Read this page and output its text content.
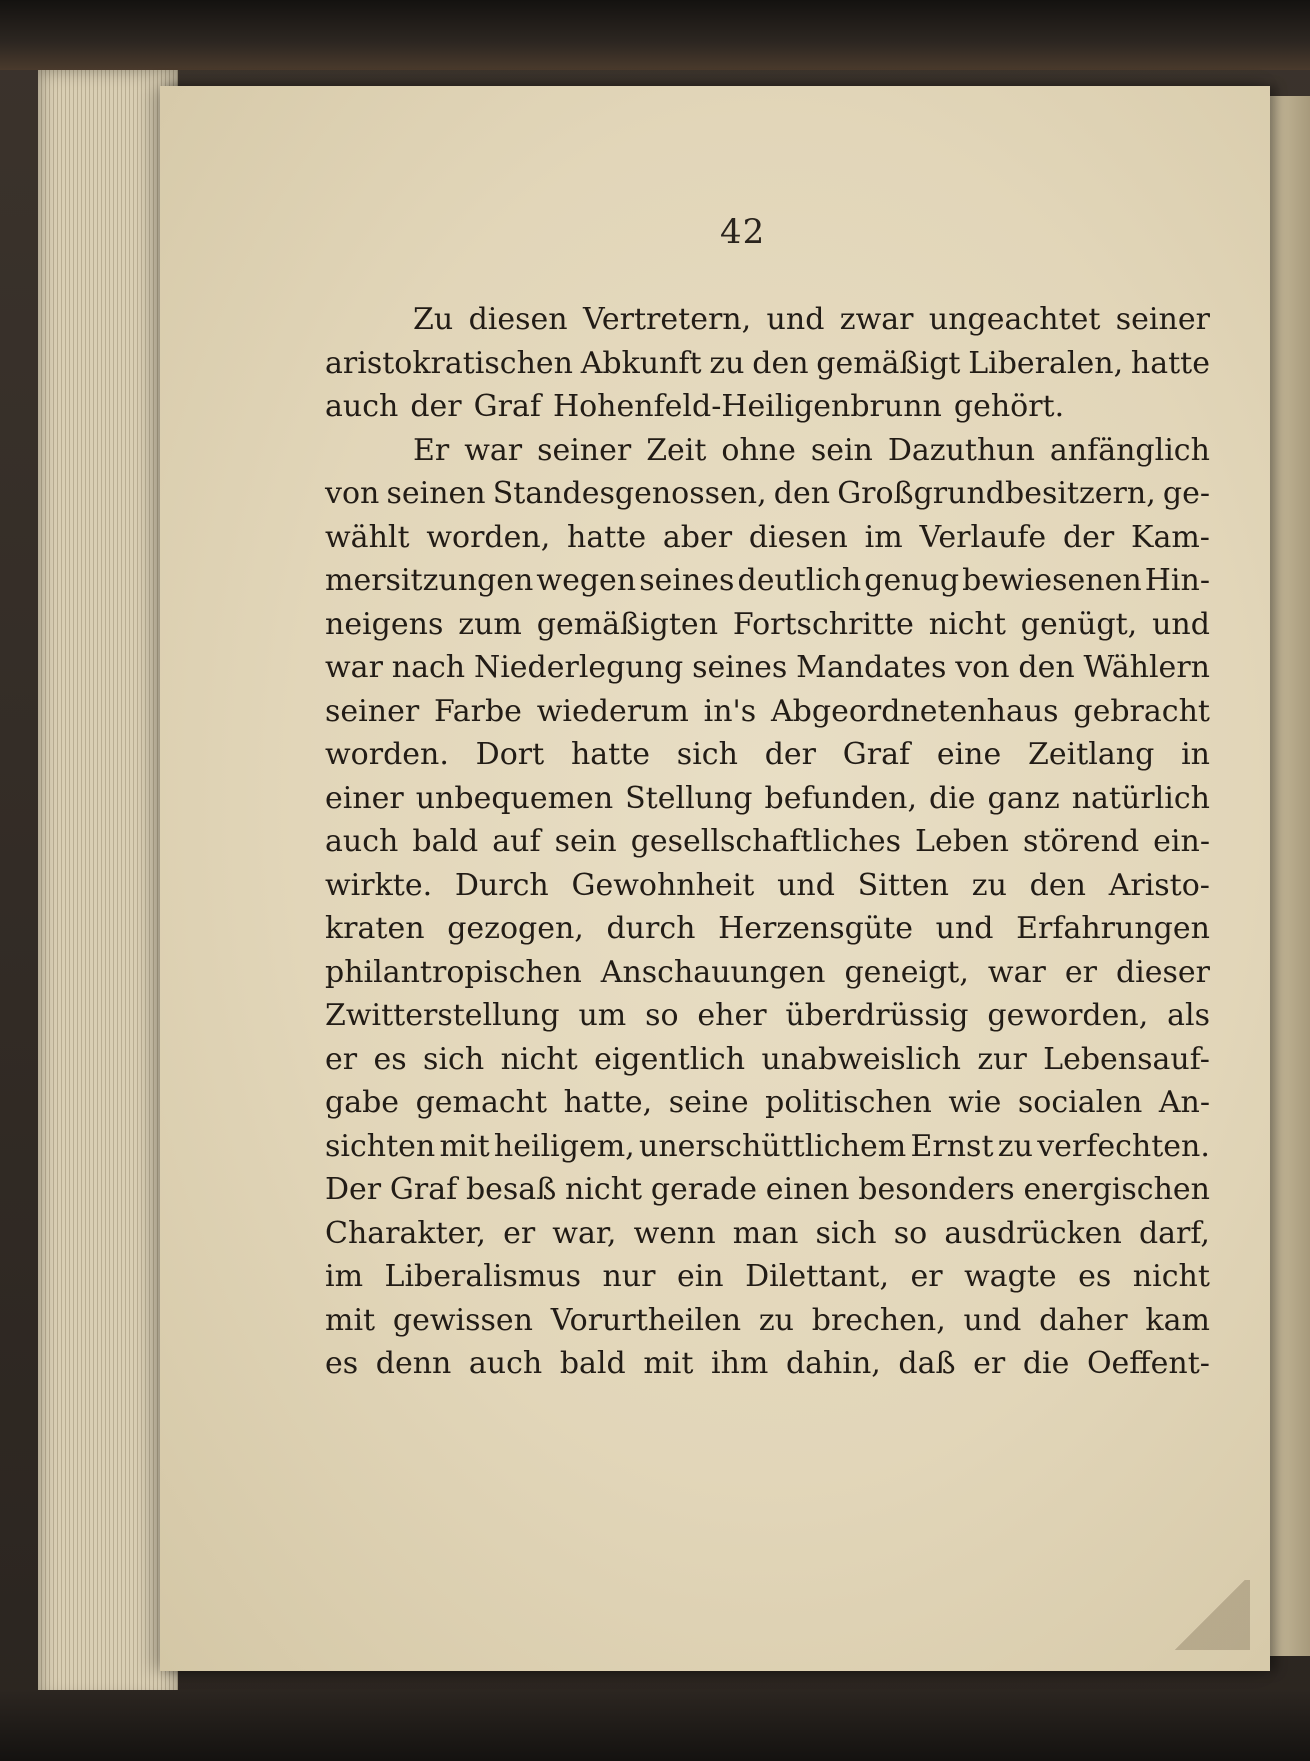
42
Zu diesen Vertretern, und zwar ungeachtet seiner
aristokratischen Abkunft zu den gemäßigt Liberalen, hatte
auch der Graf Hohenfeld-Heiligenbrunn gehört.
Er war seiner Zeit ohne sein Dazuthun anfänglich
von seinen Standesgenossen, den Großgrundbesitzern, ge-
wählt worden, hatte aber diesen im Verlaufe der Kam-
mersitzungen wegen seines deutlich genug bewiesenen Hin-
neigens zum gemäßigten Fortschritte nicht genügt, und
war nach Niederlegung seines Mandates von den Wählern
seiner Farbe wiederum in's Abgeordnetenhaus gebracht
worden. Dort hatte sich der Graf eine Zeitlang in
einer unbequemen Stellung befunden, die ganz natürlich
auch bald auf sein gesellschaftliches Leben störend ein-
wirkte. Durch Gewohnheit und Sitten zu den Aristo-
kraten gezogen, durch Herzensgüte und Erfahrungen
philantropischen Anschauungen geneigt, war er dieser
Zwitterstellung um so eher überdrüssig geworden, als
er es sich nicht eigentlich unabweislich zur Lebensauf-
gabe gemacht hatte, seine politischen wie socialen An-
sichten mit heiligem, unerschüttlichem Ernst zu verfechten.
Der Graf besaß nicht gerade einen besonders energischen
Charakter, er war, wenn man sich so ausdrücken darf,
im Liberalismus nur ein Dilettant, er wagte es nicht
mit gewissen Vorurtheilen zu brechen, und daher kam
es denn auch bald mit ihm dahin, daß er die Oeffent-
